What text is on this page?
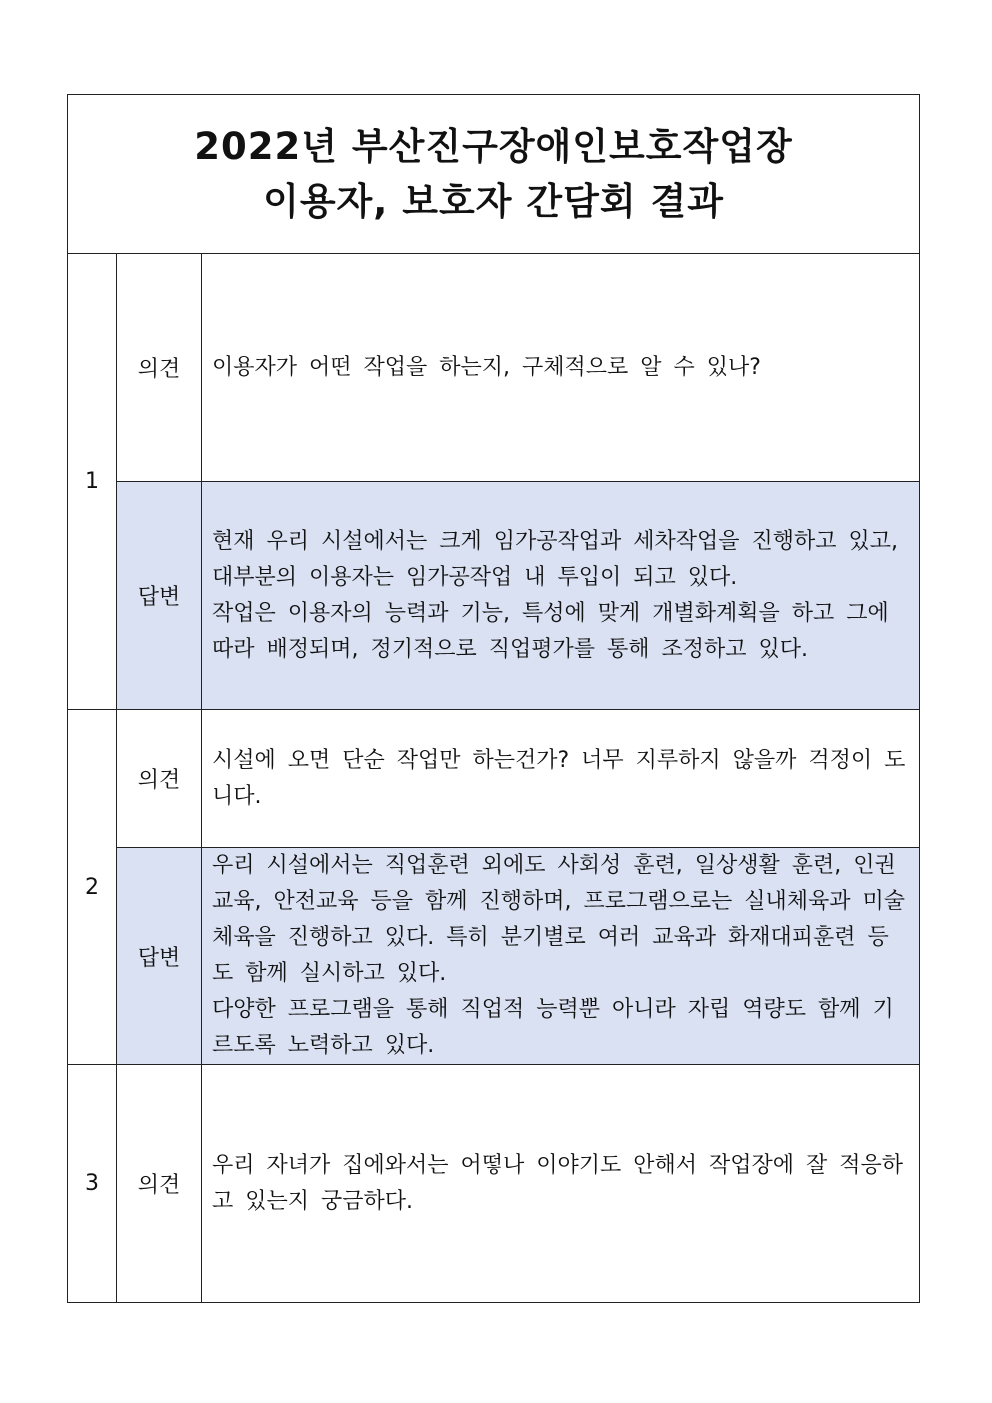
2022년 부산진구장애인보호작업장
이용자, 보호자 간담회 결과		

1	의견	이용자가 어떤 작업을 하는지, 구체적으로 알 수 있나?
	답변	현재 우리 시설에서는 크게 임가공작업과 세차작업을 진행하고 있고, 대부분의 이용자는 임가공작업 내 투입이 되고 있다.
작업은 이용자의 능력과 기능, 특성에 맞게 개별화계획을 하고 그에 따라 배정되며, 정기적으로 직업평가를 통해 조정하고 있다.

2	의견	시설에 오면 단순 작업만 하는건가? 너무 지루하지 않을까 걱정이 도니다.
	답변	우리 시설에서는 직업훈련 외에도 사회성 훈련, 일상생활 훈련, 인권교육, 안전교육 등을 함께 진행하며, 프로그램으로는 실내체육과 미술체육을 진행하고 있다. 특히 분기별로 여러 교육과 화재대피훈련 등도 함께 실시하고 있다.
다양한 프로그램을 통해 직업적 능력뿐 아니라 자립 역량도 함께 기르도록 노력하고 있다.

3	의견	우리 자녀가 집에와서는 어떻나 이야기도 안해서 작업장에 잘 적응하고 있는지 궁금하다.
